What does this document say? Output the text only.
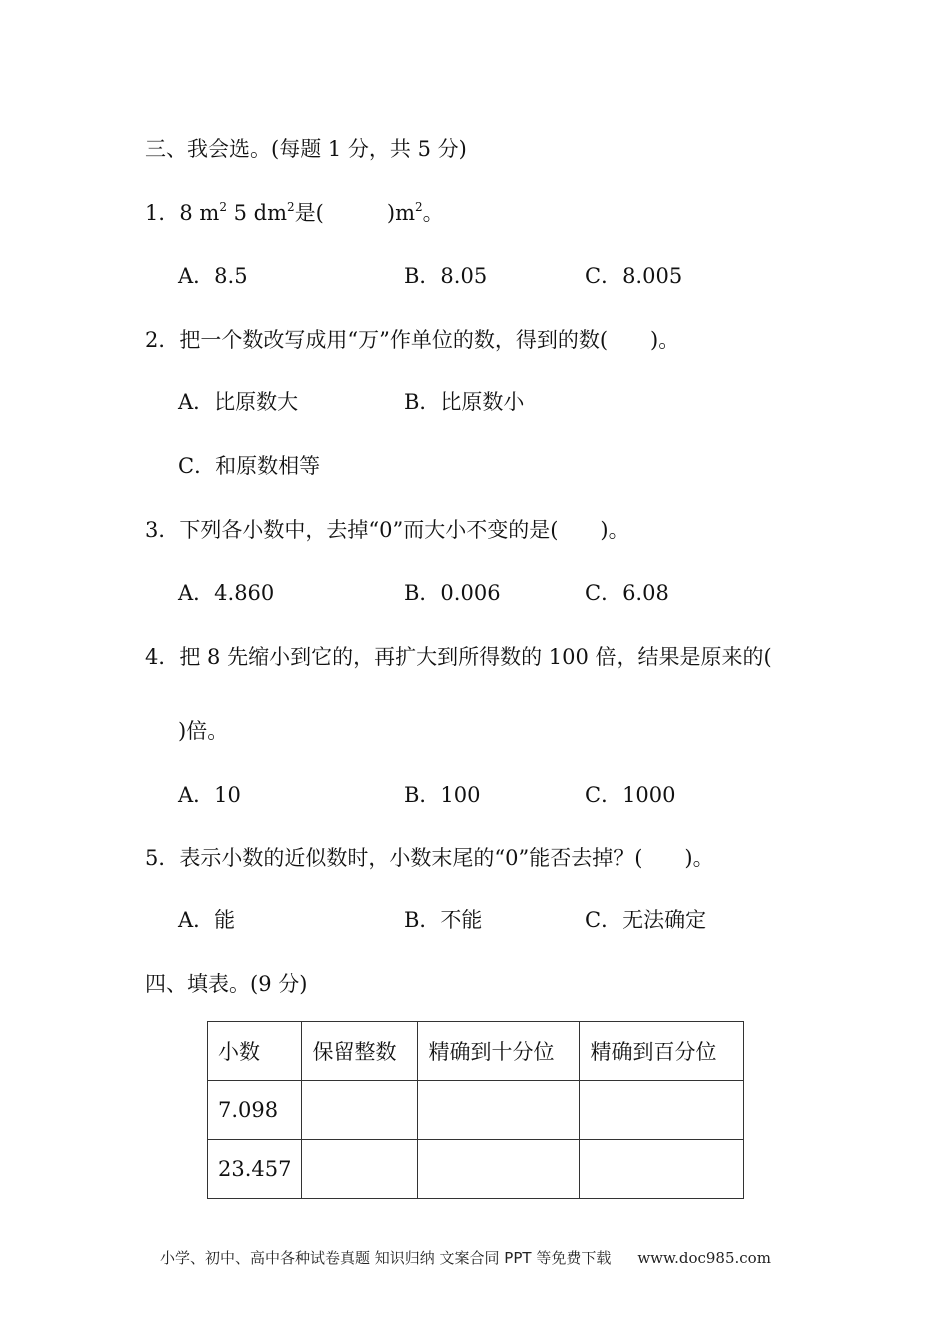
三、我会选。(每题 1 分，共 5 分)
1．8 $m^2$ 5 $dm^2$是(　　　)$m^2$。
A．8.5	B．8.05	C．8.005
2．把一个数改写成用“万”作单位的数，得到的数(　　)。
A．比原数大	B．比原数小
C．和原数相等
3．下列各小数中，去掉“0”而大小不变的是(　　)。
A．4.860	B．0.006	C．6.08
4．把 8 先缩小到它的，再扩大到所得数的 100 倍，结果是原来的(
)倍。
A．10	B．100	C．1000
5．表示小数的近似数时，小数末尾的“0”能否去掉？(　　)。
A．能	B．不能	C．无法确定
四、填表。(9 分)
小数	保留整数	精确到十分位	精确到百分位
7.098			
23.457			
小学、初中、高中各种试卷真题 知识归纳 文案合同 PPT 等免费下载 www.doc985.com
